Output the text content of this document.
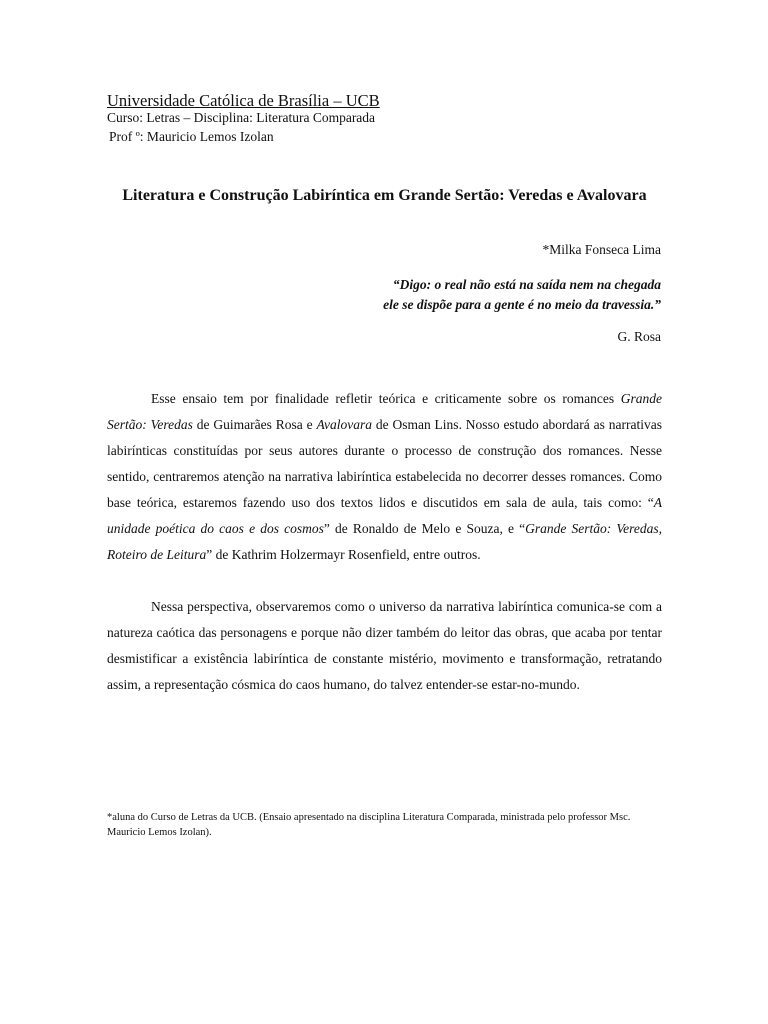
Universidade Católica de Brasília – UCB
Curso: Letras – Disciplina: Literatura Comparada
Prof º: Mauricio Lemos Izolan
Literatura e Construção Labiríntica em Grande Sertão: Veredas e Avalovara
*Milka Fonseca Lima
“Digo: o real não está na saída nem na chegada
ele se dispõe para a gente é no meio da travessia.”
G. Rosa

Esse ensaio tem por finalidade refletir teórica e criticamente sobre os romances Grande Sertão: Veredas de Guimarães Rosa e Avalovara de Osman Lins. Nosso estudo abordará as narrativas labirínticas constituídas por seus autores durante o processo de construção dos romances. Nesse sentido, centraremos atenção na narrativa labiríntica estabelecida no decorrer desses romances. Como base teórica, estaremos fazendo uso dos textos lidos e discutidos em sala de aula, tais como: “A unidade poética do caos e dos cosmos” de Ronaldo de Melo e Souza, e “Grande Sertão: Veredas, Roteiro de Leitura” de Kathrim Holzermayr Rosenfield, entre outros.

Nessa perspectiva, observaremos como o universo da narrativa labiríntica comunica-se com a natureza caótica das personagens e porque não dizer também do leitor das obras, que acaba por tentar desmistificar a existência labiríntica de constante mistério, movimento e transformação, retratando assim, a representação cósmica do caos humano, do talvez entender-se estar-no-mundo.

*aluna do Curso de Letras da UCB. (Ensaio apresentado na disciplina Literatura Comparada, ministrada pelo professor Msc. Mauricio Lemos Izolan).
